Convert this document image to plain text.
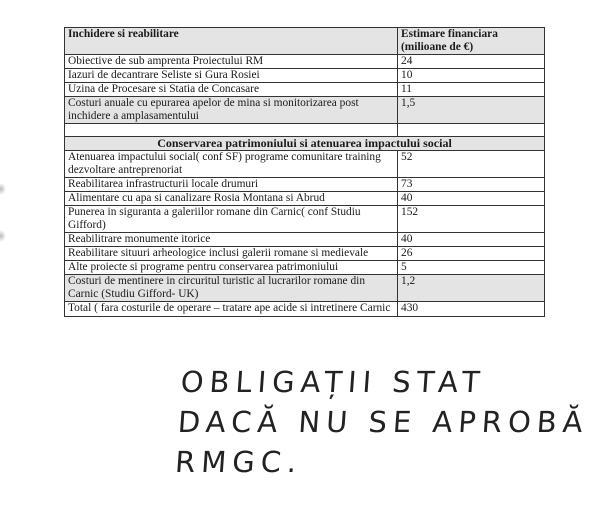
Inchidere si reabilitare	Estimare financiara (milioane de €)
Obiective de sub amprenta Proiectului RM	24
Iazuri de decantrare Seliste si Gura Rosiei	10
Uzina de Procesare si Statia de Concasare	11
Costuri anuale cu epurarea apelor de mina si monitorizarea post inchidere a amplasamentului	1,5

Conservarea patrimoniului si atenuarea impactului social	
Atenuarea impactului social( conf SF) programe comunitare training dezvoltare antreprenoriat	52
Reabilitarea infrastructurii locale drumuri	73
Alimentare cu apa si canalizare Rosia Montana si Abrud	40
Punerea in siguranta a galeriilor romane din Carnic( conf Studiu Gifford)	152
Reabilitrare monumente itorice	40
Reabilitare situuri arheologice inclusi galerii romane si medievale	26
Alte proiecte si programe pentru conservarea patrimoniului	5
Costuri de mentinere in circuritul turistic al lucrarilor romane din Carnic (Studiu Gifford- UK)	1,2
Total ( fara costurile de operare – tratare ape acide si intretinere Carnic	430
OBLIGAȚII STAT
DACĂ NU SE APROBĂ
RMGC.
